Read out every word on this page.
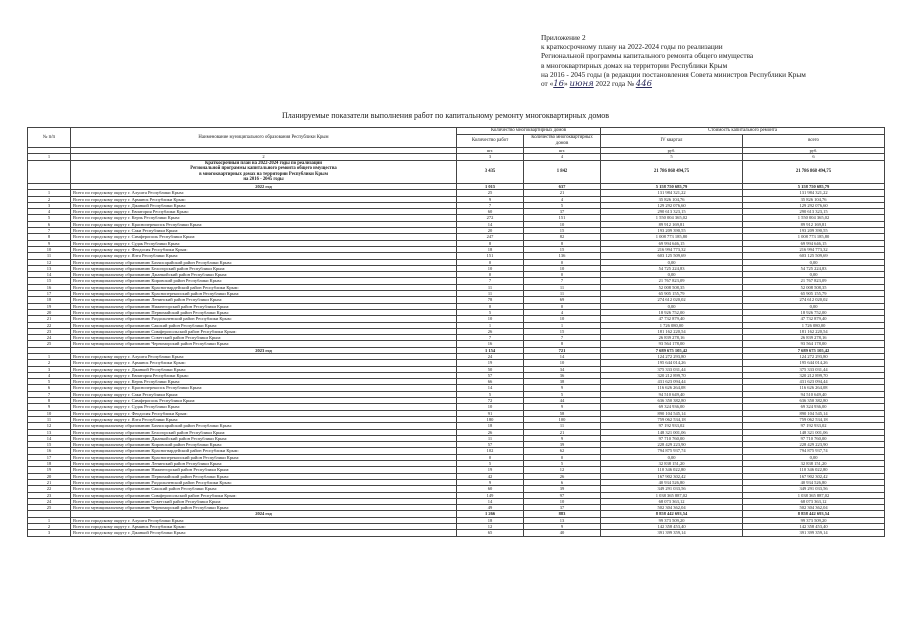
Приложение 2
к краткосрочному плану на 2022-2024 годы по реализации
Региональной программы капитального ремонта общего имущества
в многоквартирных домах на территории Республики Крым
на 2016 - 2045 годы (в редакции постановления Совета министров Республики Крым
от «16» июня 2022 года № 446
Планируемые показатели выполнения работ по капитальному ремонту многоквартирных домов
№ п/п	Наименование муниципального образования Республики Крым	Количество многоквартирных домов		Стоимость капитального ремонта	
		Количество работ	Количество многоквартирных домов	IV квартал	всего
		шт.	шт.	руб.	руб.
1	2	3	4	5	6

	Краткосрочный план на 2022-2024 годы по реализации
Региональной программы капитального ремонта общего имущества
в многоквартирных домах на территории Республики Крым
на 2016 - 2045 годы	3 435	1 842	21 786 868 494,75	21 786 868 494,75
	2022 год	1 015	637	5 158 750 685,79	5 158 750 685,79
1	Всего по городскому округу г. Алушта Республики Крым:	25	21	131 984 321,22	131 984 321,22
2	Всего по городскому округу г. Армянск Республики Крым:	9	4	35 826 104,76	35 826 104,76
3	Всего по городскому округу г. Джанкой Республики Крым:	7	5	129 292 076,60	129 292 076,60
4	Всего по городскому округу г. Евпатория Республики Крым:	60	37	290 613 323,15	290 613 323,15
5	Всего по городскому округу г. Керчь Республики Крым:	272	151	1 550 004 365,02	1 550 004 365,02
6	Всего по городскому округу г. Красноперекопск Республики Крым:	14	10	89 912 169,81	89 912 169,81
7	Всего по городскому округу г. Саки Республики Крым:	20	15	193 209 390,55	193 209 390,55
8	Всего по городскому округу г. Симферополь Республики Крым:	247	82	1 008 773 185,80	1 008 773 185,80
9	Всего по городскому округу г. Судак Республики Крым:	8	8	69 994 646,15	69 994 646,15
10	Всего по городскому округу г. Феодосия Республики Крым:	18	15	216 994 773,32	216 994 773,32
11	Всего по городскому округу г. Ялта Республики Крым:	151	136	603 125 509,69	603 125 509,69
12	Всего по муниципальному образованию Бахчисарайский район Республики Крым:	0	0	0,00	0,00
13	Всего по муниципальному образованию Белогорский район Республики Крым:	10	10	54 725 224,83	54 725 224,83
14	Всего по муниципальному образованию Джанкойский район Республики Крым:	0	0	0,00	0,00
15	Всего по муниципальному образованию Кировский район Республики Крым:	7	7	21 767 823,09	21 767 823,09
16	Всего по муниципальному образованию Красногвардейский район Республики Крым:	11	11	52 008 508,35	52 008 508,35
17	Всего по муниципальному образованию Красноперекопский район Республики Крым:	11	11	65 905 155,79	65 905 155,79
18	Всего по муниципальному образованию Ленинский район Республики Крым:	78	69	274 612 020,02	274 612 020,02
19	Всего по муниципальному образованию Нижнегорский район Республики Крым:	0	0	0,00	0,00
20	Всего по муниципальному образованию Первомайский район Республики Крым:	5	4	18 926 752,00	18 926 752,00
21	Всего по муниципальному образованию Раздольненский район Республики Крым:	10	10	47 732 879,40	47 732 879,40
22	Всего по муниципальному образованию Сакский район Республики Крым:	1	1	1 726 080,00	1 726 080,00
23	Всего по муниципальному образованию Симферопольский район Республики Крым:	26	15	181 162 220,54	181 162 220,54
24	Всего по муниципальному образованию Советский район Республики Крым:	7	7	26 839 278,16	26 839 278,16
25	Всего по муниципальному образованию Черноморский район Республики Крым:	16	8	93 564 178,00	93 564 178,00
	2023 год	1 154	721	7 689 675 105,42	7 689 675 105,42
1	Всего по городскому округу г. Алушта Республики Крым:	24	14	124 272 293,80	124 272 293,80
2	Всего по городскому округу г. Армянск Республики Крым:	19	10	195 644 014,26	195 644 014,26
3	Всего по городскому округу г. Джанкой Республики Крым:	50	34	375 333 031,44	375 333 031,44
4	Всего по городскому округу г. Евпатория Республики Крым:	57	36	320 212 899,70	320 212 899,70
5	Всего по городскому округу г. Керчь Республики Крым:	66	38	431 623 094,44	431 623 094,44
6	Всего по городскому округу г. Красноперекопск Республики Крым:	14	9	116 626 264,08	116 626 264,08
7	Всего по городскому округу г. Саки Республики Крым:	5	5	94 510 649,40	94 510 649,40
8	Всего по городскому округу г. Симферополь Республики Крым:	72	44	636 350 382,80	636 350 382,80
9	Всего по городскому округу г. Судак Республики Крым:	10	9	69 324 936,00	69 324 936,00
10	Всего по городскому округу г. Феодосия Республики Крым:	91	58	890 104 545,14	890 104 545,14
11	Всего по городскому округу г. Ялта Республики Крым:	180	100	759 062 534,18	759 062 534,18
12	Всего по муниципальному образованию Бахчисарайский район Республики Крым:	18	11	97 192 933,02	97 192 933,02
13	Всего по муниципальному образованию Белогорский район Республики Крым:	26	21	148 321 001,06	148 321 001,06
14	Всего по муниципальному образованию Джанкойский район Республики Крым:	11	9	97 710 760,00	97 710 760,00
15	Всего по муниципальному образованию Кировский район Республики Крым:	57	39	228 429 223,90	228 429 223,90
16	Всего по муниципальному образованию Красногвардейский район Республики Крым:	102	62	794 875 937,74	794 875 937,74
17	Всего по муниципальному образованию Красноперекопский район Республики Крым:	0	0	0,00	0,00
18	Всего по муниципальному образованию Ленинский район Республики Крым:	5	5	32 838 151,20	32 838 151,20
19	Всего по муниципальному образованию Нижнегорский район Республики Крым:	19	12	110 346 022,80	110 346 022,80
20	Всего по муниципальному образованию Первомайский район Республики Крым:	42	26	167 902 302,42	167 902 302,42
21	Всего по муниципальному образованию Раздольненский район Республики Крым:	9	6	40 934 526,80	40 934 526,80
22	Всего по муниципальному образованию Сакский район Республики Крым:	60	39	349 291 033,56	349 291 033,56
23	Всего по муниципальному образованию Симферопольский район Республики Крым:	149	97	1 038 365 887,02	1 038 365 887,02
24	Всего по муниципальному образованию Советский район Республики Крым:	14	10	68 073 363,12	68 073 363,12
25	Всего по муниципальному образованию Черноморский район Республики Крым:	49	37	502 304 362,04	502 304 362,04
	2024 год	1 266	883	8 858 442 693,54	8 858 442 693,54
1	Всего по городскому округу г. Алушта Республики Крым:	18	13	99 373 509,20	99 373 509,20
2	Всего по городскому округу г. Армянск Республики Крым:	12	9	142 358 453,40	142 358 453,40
3	Всего по городскому округу г. Джанкой Республики Крым:	65	40	391 399 359,14	391 399 359,14
